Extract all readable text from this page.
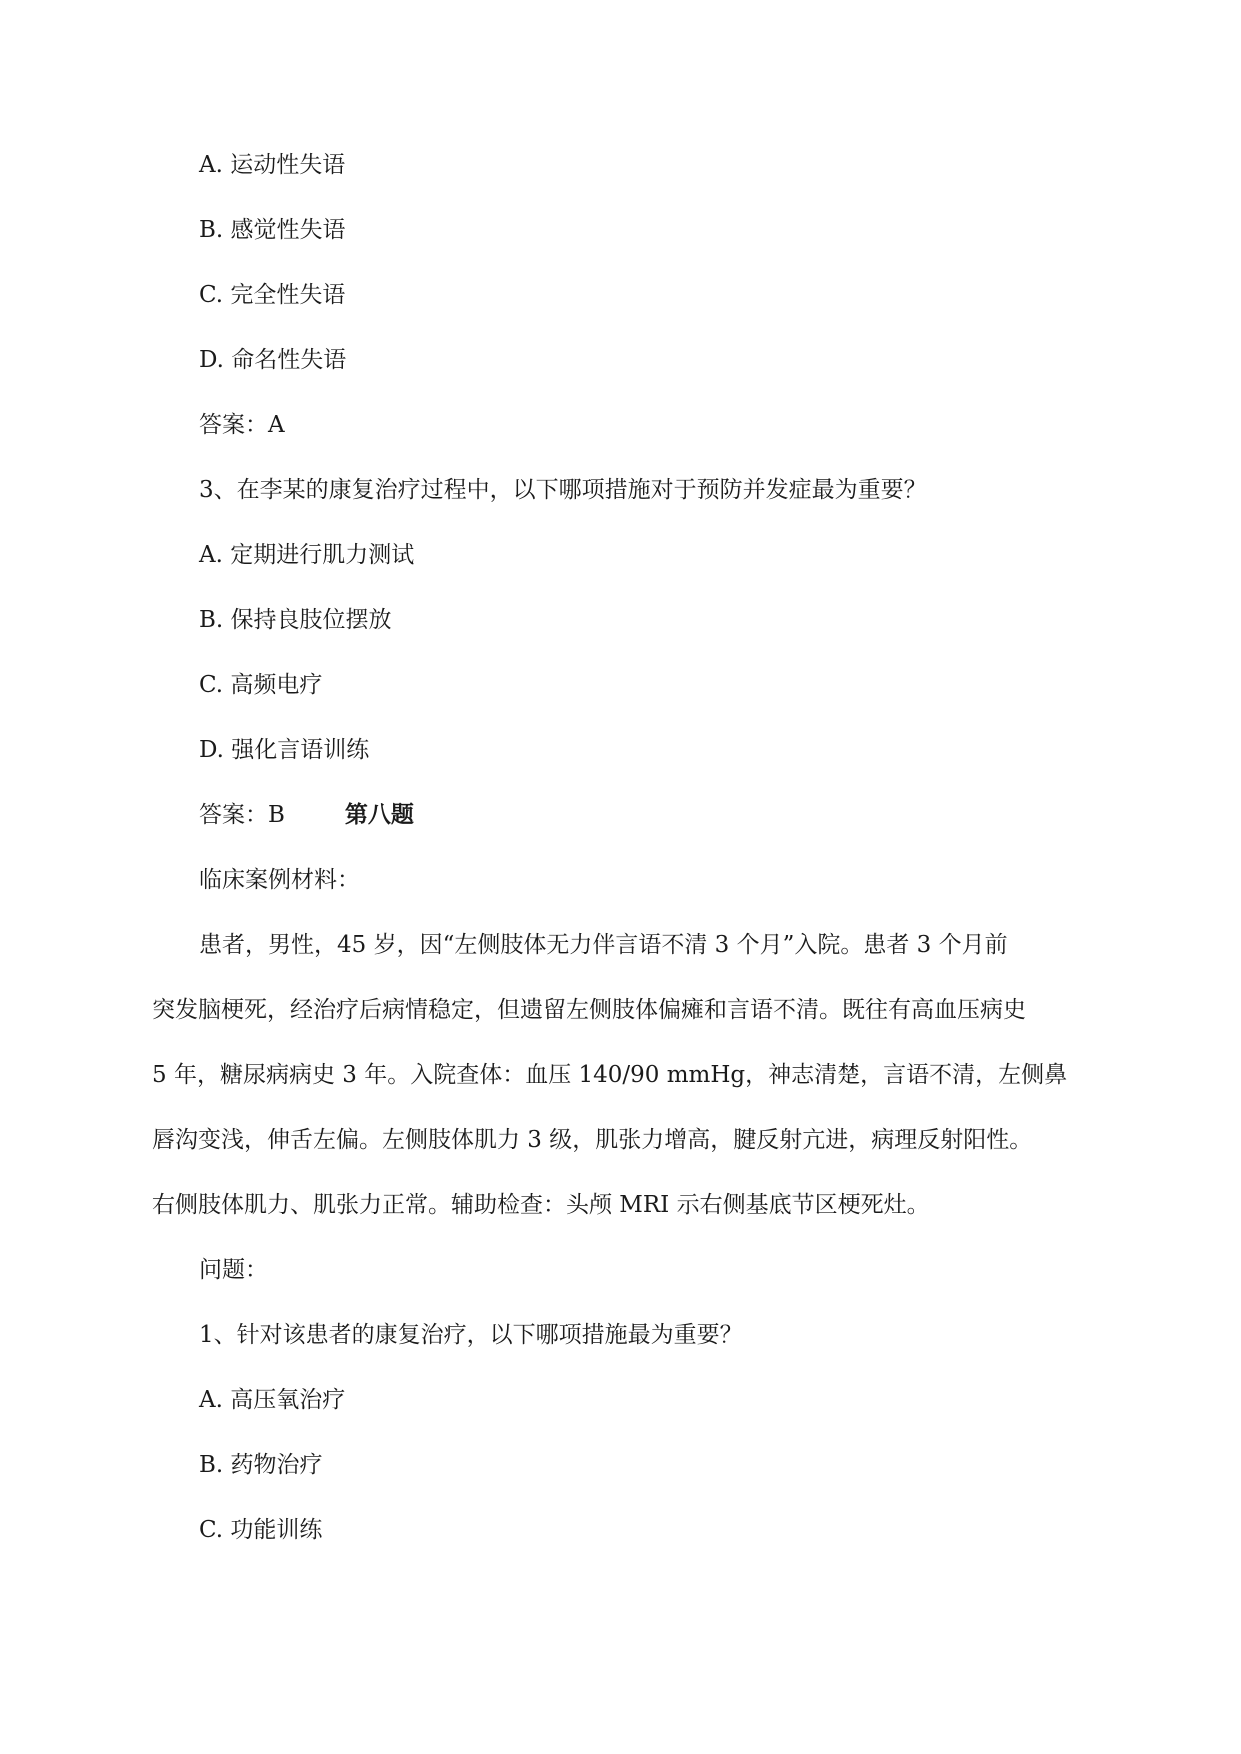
A. 运动性失语
B. 感觉性失语
C. 完全性失语
D. 命名性失语
答案：A
3、在李某的康复治疗过程中，以下哪项措施对于预防并发症最为重要？
A. 定期进行肌力测试
B. 保持良肢位摆放
C. 高频电疗
D. 强化言语训练
答案：B	第八题
临床案例材料：
患者，男性，45 岁，因“左侧肢体无力伴言语不清 3 个月”入院。患者 3 个月前
突发脑梗死，经治疗后病情稳定，但遗留左侧肢体偏瘫和言语不清。既往有高血压病史
5 年，糖尿病病史 3 年。入院查体：血压 140/90 mmHg，神志清楚，言语不清，左侧鼻
唇沟变浅，伸舌左偏。左侧肢体肌力 3 级，肌张力增高，腱反射亢进，病理反射阳性。
右侧肢体肌力、肌张力正常。辅助检查：头颅 MRI 示右侧基底节区梗死灶。
问题：
1、针对该患者的康复治疗，以下哪项措施最为重要？
A. 高压氧治疗
B. 药物治疗
C. 功能训练
